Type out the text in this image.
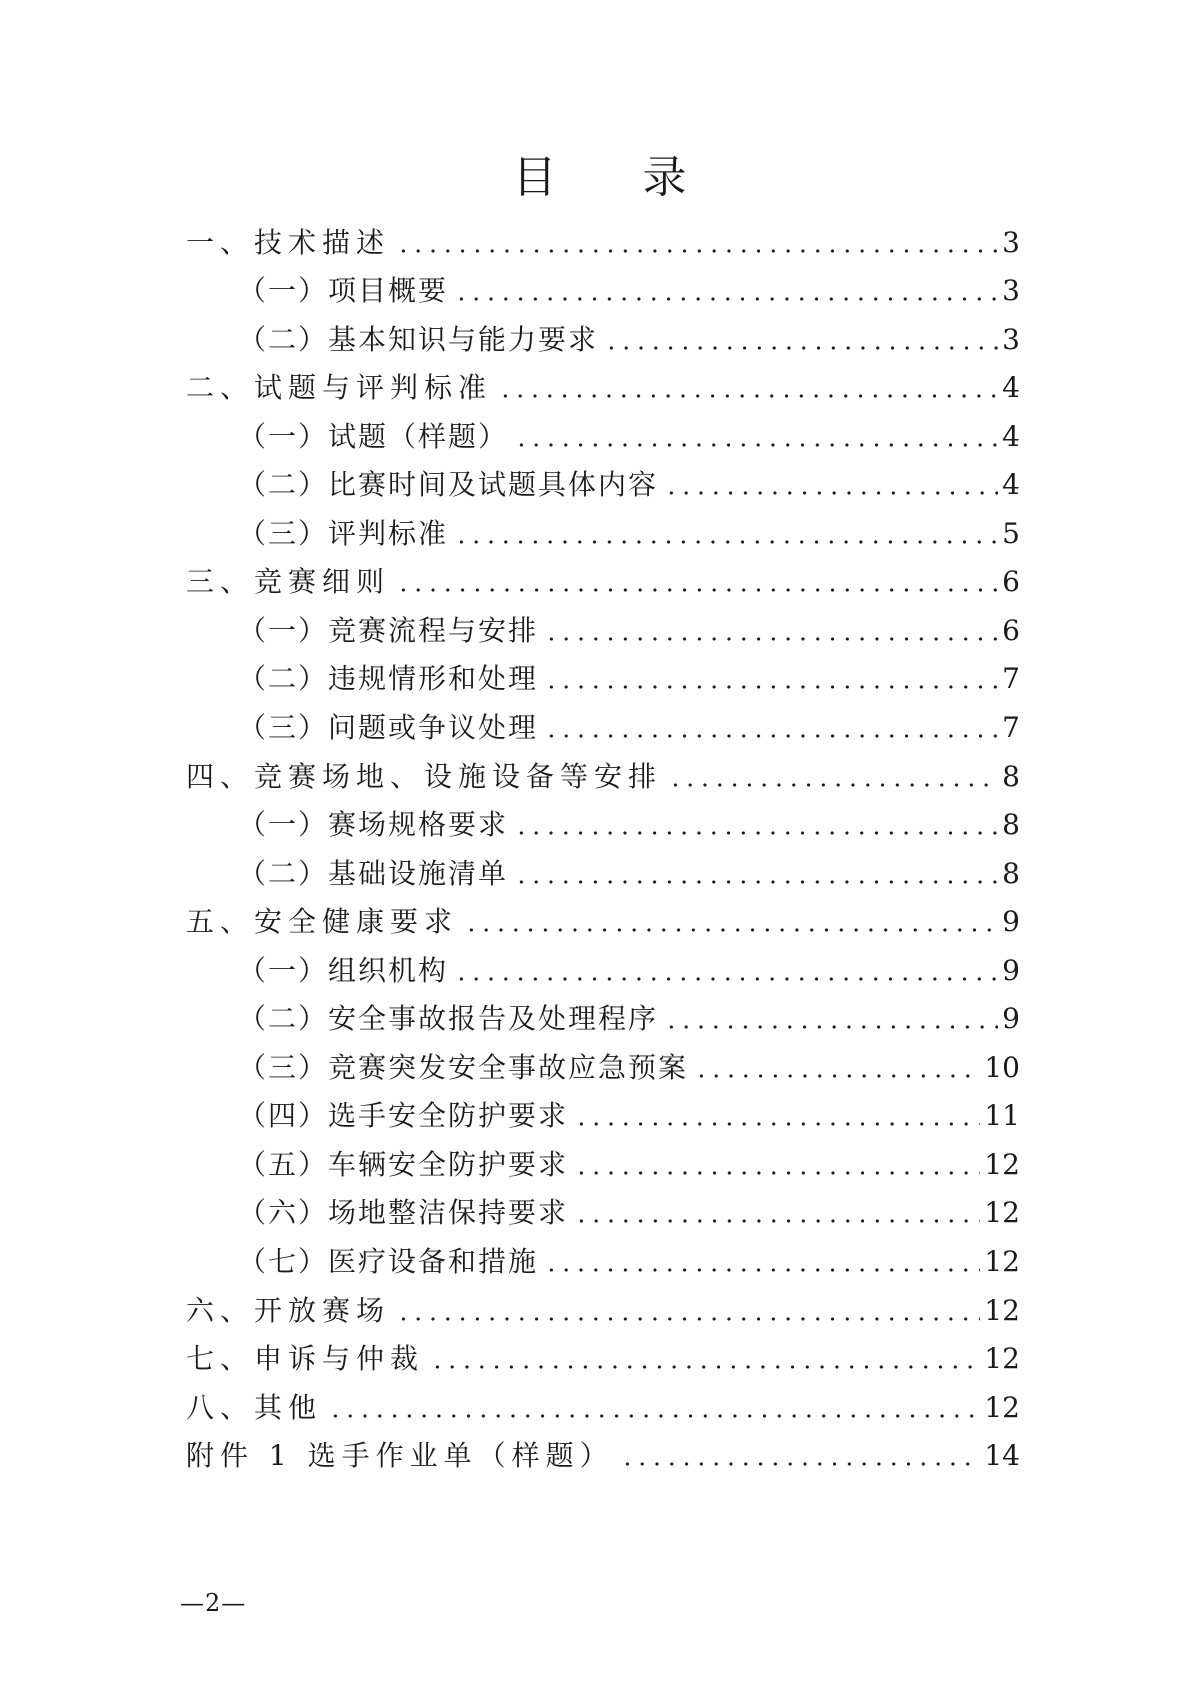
目 录
一、技术描述	3
（一）项目概要	3
（二）基本知识与能力要求	3
二、试题与评判标准	4
（一）试题（样题）	4
（二）比赛时间及试题具体内容	4
（三）评判标准	5
三、竞赛细则	6
（一）竞赛流程与安排	6
（二）违规情形和处理	7
（三）问题或争议处理	7
四、竞赛场地、设施设备等安排	8
（一）赛场规格要求	8
（二）基础设施清单	8
五、安全健康要求	9
（一）组织机构	9
（二）安全事故报告及处理程序	9
（三）竞赛突发安全事故应急预案	10
（四）选手安全防护要求	11
（五）车辆安全防护要求	12
（六）场地整洁保持要求	12
（七）医疗设备和措施	12
六、开放赛场	12
七、申诉与仲裁	12
八、其他	12
附件 1 选手作业单（样题）	14
—2—
